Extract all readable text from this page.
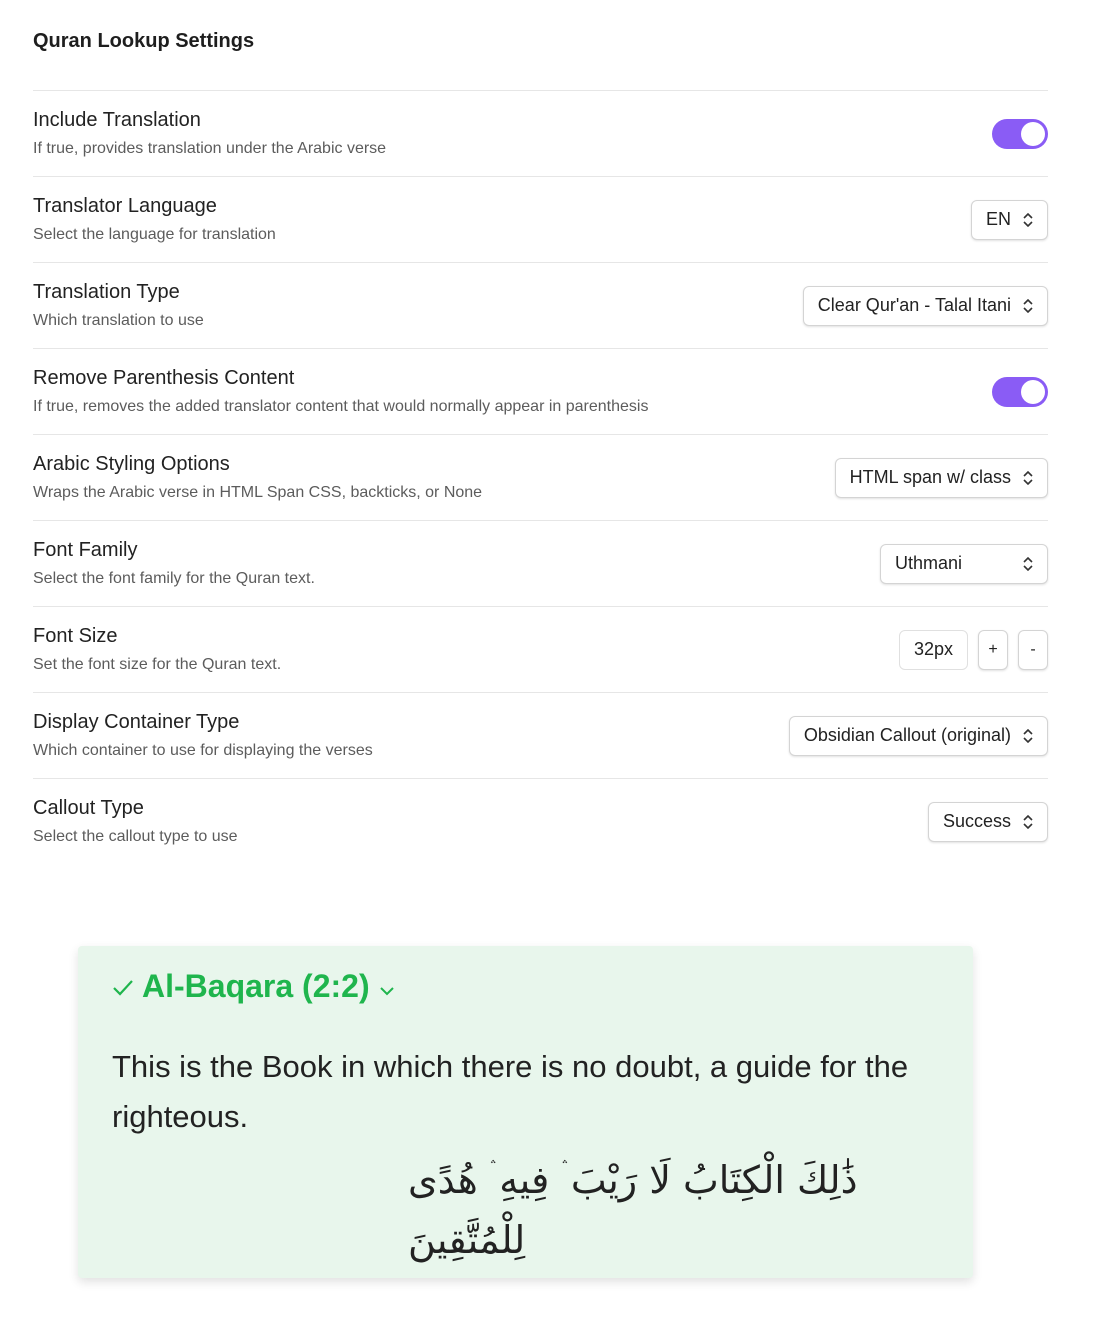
Quran Lookup Settings
Include Translation
If true, provides translation under the Arabic verse
Translator Language
Select the language for translation
EN
Translation Type
Which translation to use
Clear Qur'an - Talal Itani
Remove Parenthesis Content
If true, removes the added translator content that would normally appear in parenthesis
Arabic Styling Options
Wraps the Arabic verse in HTML Span CSS, backticks, or None
HTML span w/ class
Font Family
Select the font family for the Quran text.
Uthmani
Font Size
Set the font size for the Quran text.
32px	+	-
Display Container Type
Which container to use for displaying the verses
Obsidian Callout (original)
Callout Type
Select the callout type to use
Success
Al-Baqara (2:2)
This is the Book in which there is no doubt, a guide for the righteous.
ذَٰلِكَ الْكِتَابُ لَا رَيْبَ ۛ فِيهِ ۛ هُدًى لِلْمُتَّقِينَ
